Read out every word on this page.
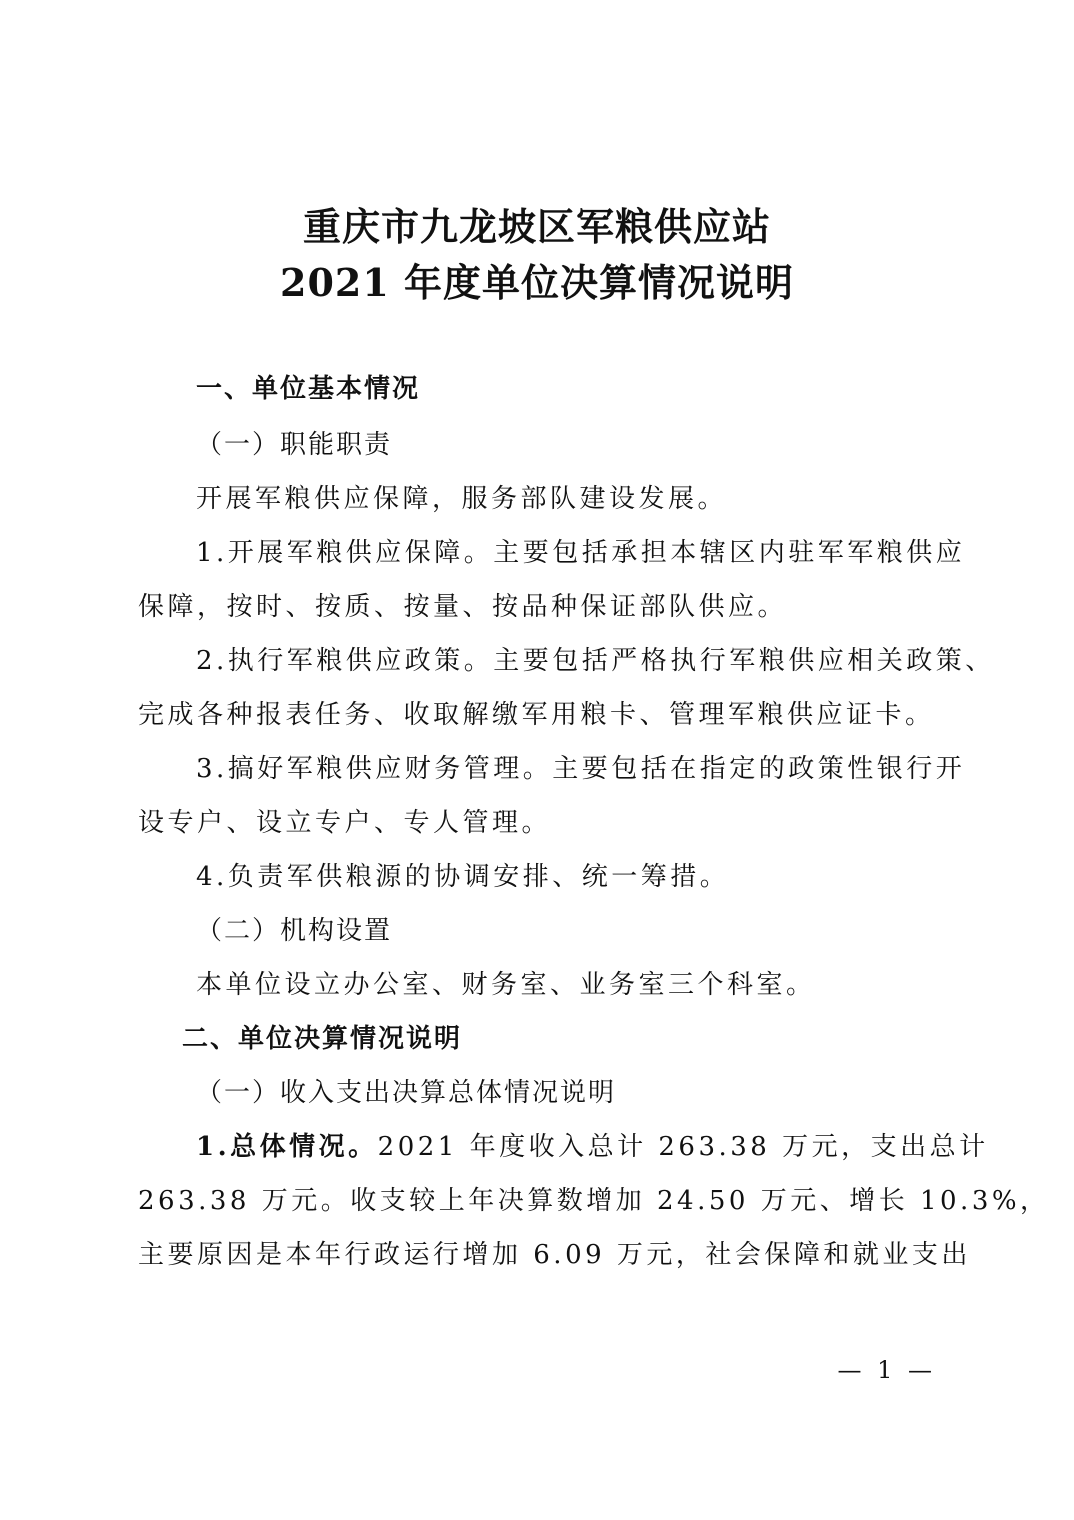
重庆市九龙坡区军粮供应站
2021 年度单位决算情况说明
一、单位基本情况
（一）职能职责
开展军粮供应保障，服务部队建设发展。
1.开展军粮供应保障。主要包括承担本辖区内驻军军粮供应
保障，按时、按质、按量、按品种保证部队供应。
2.执行军粮供应政策。主要包括严格执行军粮供应相关政策、
完成各种报表任务、收取解缴军用粮卡、管理军粮供应证卡。
3.搞好军粮供应财务管理。主要包括在指定的政策性银行开
设专户、设立专户、专人管理。
4.负责军供粮源的协调安排、统一筹措。
（二）机构设置
本单位设立办公室、财务室、业务室三个科室。
二、单位决算情况说明
（一）收入支出决算总体情况说明
1.总体情况。2021 年度收入总计 263.38 万元，支出总计
263.38 万元。收支较上年决算数增加 24.50 万元、增长 10.3%，
主要原因是本年行政运行增加 6.09 万元，社会保障和就业支出
— 1 —
